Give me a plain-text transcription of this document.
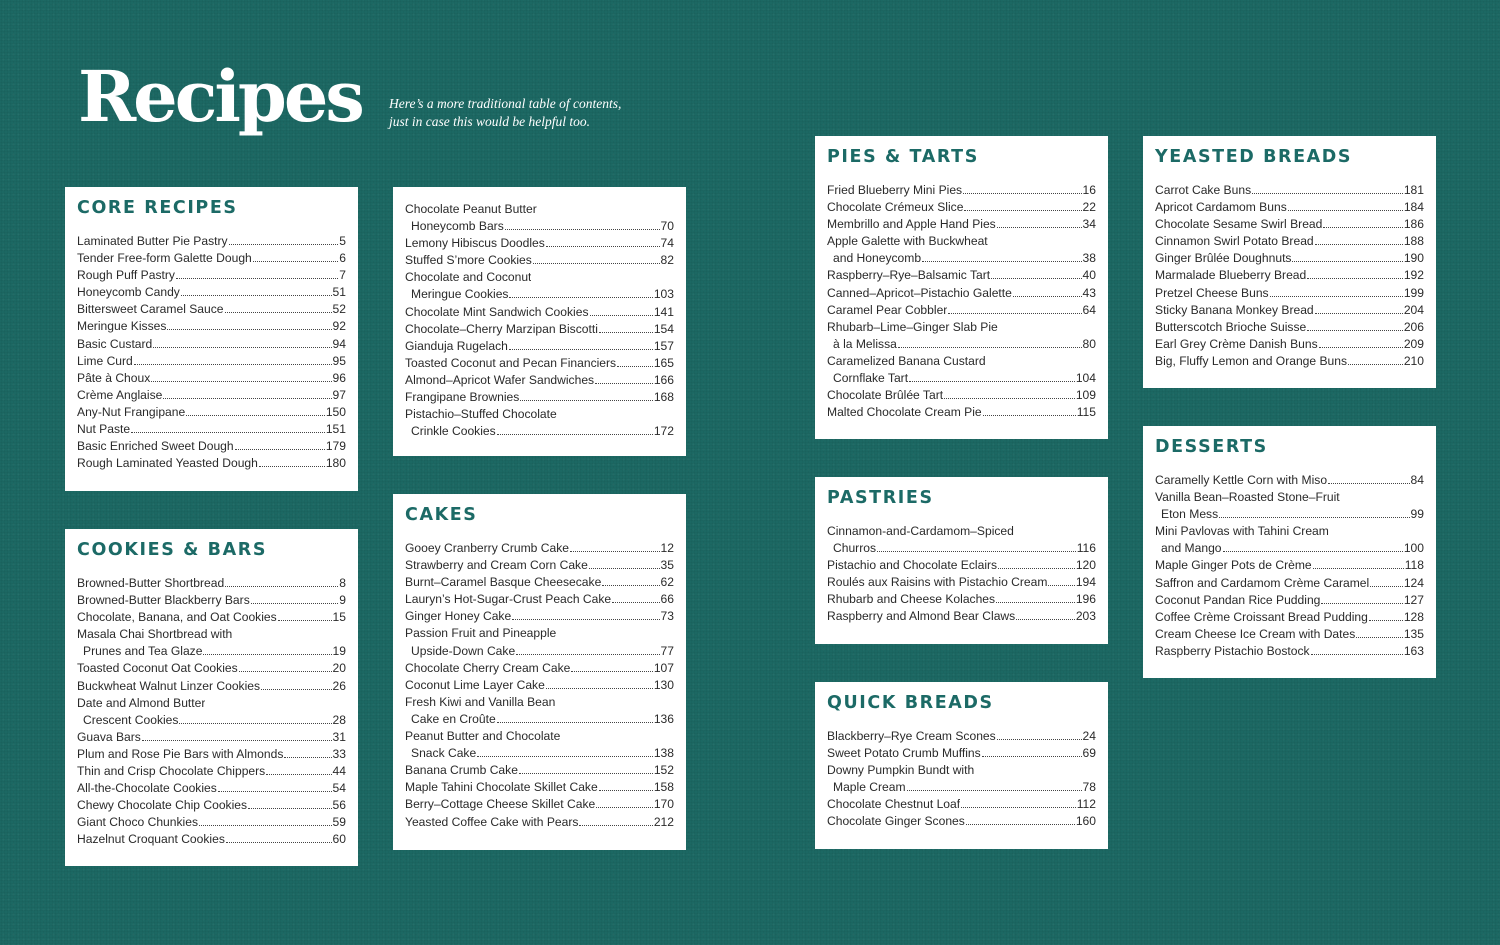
Recipes Here’s a more traditional table of contents,
just in case this would be helpful too.
CORE RECIPES
Laminated Butter Pie Pastry	5
Tender Free-form Galette Dough	6
Rough Puff Pastry	7
Honeycomb Candy	51
Bittersweet Caramel Sauce	52
Meringue Kisses	92
Basic Custard	94
Lime Curd	95
Pâte à Choux	96
Crème Anglaise	97
Any-Nut Frangipane	150
Nut Paste	151
Basic Enriched Sweet Dough	179
Rough Laminated Yeasted Dough	180
COOKIES & BARS
Browned-Butter Shortbread	8
Browned-Butter Blackberry Bars	9
Chocolate, Banana, and Oat Cookies	15
Masala Chai Shortbread with
Prunes and Tea Glaze	19
Toasted Coconut Oat Cookies	20
Buckwheat Walnut Linzer Cookies	26
Date and Almond Butter
Crescent Cookies	28
Guava Bars	31
Plum and Rose Pie Bars with Almonds	33
Thin and Crisp Chocolate Chippers	44
All-the-Chocolate Cookies	54
Chewy Chocolate Chip Cookies	56
Giant Choco Chunkies	59
Hazelnut Croquant Cookies	60
Chocolate Peanut Butter
Honeycomb Bars	70
Lemony Hibiscus Doodles	74
Stuffed S’more Cookies	82
Chocolate and Coconut
Meringue Cookies	103
Chocolate Mint Sandwich Cookies	141
Chocolate–Cherry Marzipan Biscotti	154
Gianduja Rugelach	157
Toasted Coconut and Pecan Financiers	165
Almond–Apricot Wafer Sandwiches	166
Frangipane Brownies	168
Pistachio–Stuffed Chocolate
Crinkle Cookies	172
CAKES
Gooey Cranberry Crumb Cake	12
Strawberry and Cream Corn Cake	35
Burnt–Caramel Basque Cheesecake	62
Lauryn’s Hot-Sugar-Crust Peach Cake	66
Ginger Honey Cake	73
Passion Fruit and Pineapple
Upside-Down Cake	77
Chocolate Cherry Cream Cake	107
Coconut Lime Layer Cake	130
Fresh Kiwi and Vanilla Bean
Cake en Croûte	136
Peanut Butter and Chocolate
Snack Cake	138
Banana Crumb Cake	152
Maple Tahini Chocolate Skillet Cake	158
Berry–Cottage Cheese Skillet Cake	170
Yeasted Coffee Cake with Pears	212
PIES & TARTS
Fried Blueberry Mini Pies	16
Chocolate Crémeux Slice	22
Membrillo and Apple Hand Pies	34
Apple Galette with Buckwheat
and Honeycomb	38
Raspberry–Rye–Balsamic Tart	40
Canned–Apricot–Pistachio Galette	43
Caramel Pear Cobbler	64
Rhubarb–Lime–Ginger Slab Pie
à la Melissa	80
Caramelized Banana Custard
Cornflake Tart	104
Chocolate Brûlée Tart	109
Malted Chocolate Cream Pie	115
PASTRIES
Cinnamon-and-Cardamom–Spiced
Churros	116
Pistachio and Chocolate Eclairs	120
Roulés aux Raisins with Pistachio Cream 194
Rhubarb and Cheese Kolaches	196
Raspberry and Almond Bear Claws	203
QUICK BREADS
Blackberry–Rye Cream Scones	24
Sweet Potato Crumb Muffins	69
Downy Pumpkin Bundt with
Maple Cream	78
Chocolate Chestnut Loaf	112
Chocolate Ginger Scones	160
YEASTED BREADS
Carrot Cake Buns	181
Apricot Cardamom Buns	184
Chocolate Sesame Swirl Bread	186
Cinnamon Swirl Potato Bread	188
Ginger Brûlée Doughnuts	190
Marmalade Blueberry Bread	192
Pretzel Cheese Buns	199
Sticky Banana Monkey Bread	204
Butterscotch Brioche Suisse	206
Earl Grey Crème Danish Buns	209
Big, Fluffy Lemon and Orange Buns	210
DESSERTS
Caramelly Kettle Corn with Miso	84
Vanilla Bean–Roasted Stone–Fruit
Eton Mess	99
Mini Pavlovas with Tahini Cream
and Mango	100
Maple Ginger Pots de Crème	118
Saffron and Cardamom Crème Caramel	124
Coconut Pandan Rice Pudding	127
Coffee Crème Croissant Bread Pudding	128
Cream Cheese Ice Cream with Dates	135
Raspberry Pistachio Bostock	163
